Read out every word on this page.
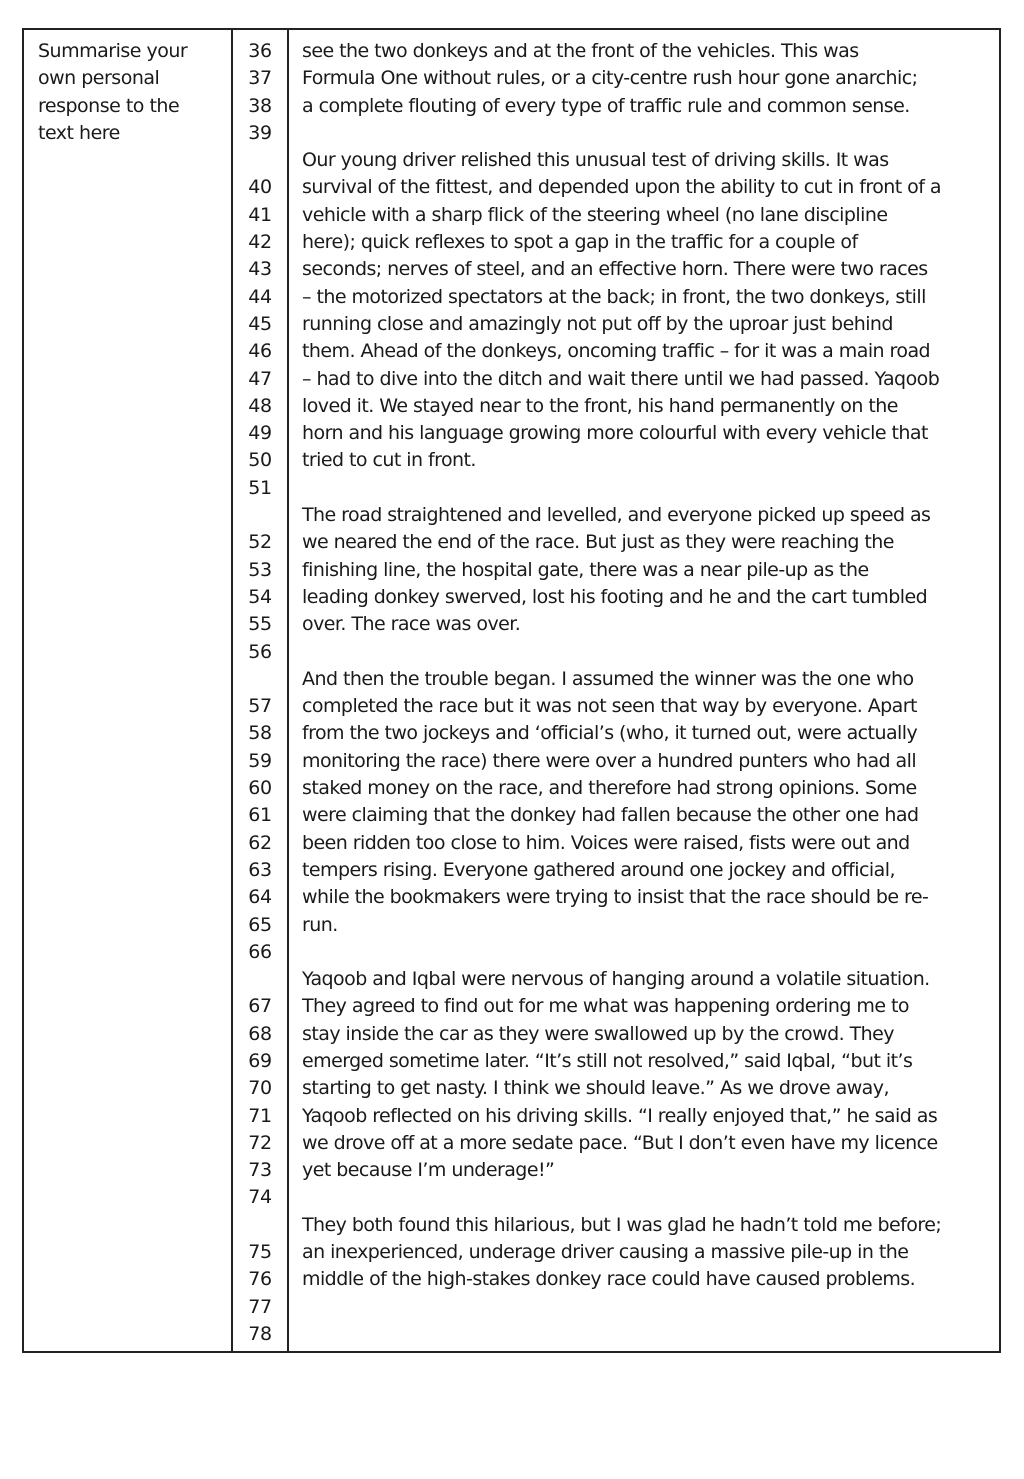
Summarise your
own personal
response to the
text here
36
37
38
39
40
41
42
43
44
45
46
47
48
49
50
51
52
53
54
55
56
57
58
59
60
61
62
63
64
65
66
67
68
69
70
71
72
73
74
75
76
77
78
see the two donkeys and at the front of the vehicles. This was
Formula One without rules, or a city-centre rush hour gone anarchic;
a complete flouting of every type of traffic rule and common sense.
Our young driver relished this unusual test of driving skills. It was
survival of the fittest, and depended upon the ability to cut in front of a
vehicle with a sharp flick of the steering wheel (no lane discipline
here); quick reflexes to spot a gap in the traffic for a couple of
seconds; nerves of steel, and an effective horn. There were two races
– the motorized spectators at the back; in front, the two donkeys, still
running close and amazingly not put off by the uproar just behind
them. Ahead of the donkeys, oncoming traffic – for it was a main road
– had to dive into the ditch and wait there until we had passed. Yaqoob
loved it. We stayed near to the front, his hand permanently on the
horn and his language growing more colourful with every vehicle that
tried to cut in front.
The road straightened and levelled, and everyone picked up speed as
we neared the end of the race. But just as they were reaching the
finishing line, the hospital gate, there was a near pile-up as the
leading donkey swerved, lost his footing and he and the cart tumbled
over. The race was over.
And then the trouble began. I assumed the winner was the one who
completed the race but it was not seen that way by everyone. Apart
from the two jockeys and ‘official’s (who, it turned out, were actually
monitoring the race) there were over a hundred punters who had all
staked money on the race, and therefore had strong opinions. Some
were claiming that the donkey had fallen because the other one had
been ridden too close to him. Voices were raised, fists were out and
tempers rising. Everyone gathered around one jockey and official,
while the bookmakers were trying to insist that the race should be re-
run.
Yaqoob and Iqbal were nervous of hanging around a volatile situation.
They agreed to find out for me what was happening ordering me to
stay inside the car as they were swallowed up by the crowd. They
emerged sometime later. “It’s still not resolved,” said Iqbal, “but it’s
starting to get nasty. I think we should leave.” As we drove away,
Yaqoob reflected on his driving skills. “I really enjoyed that,” he said as
we drove off at a more sedate pace. “But I don’t even have my licence
yet because I’m underage!”
They both found this hilarious, but I was glad he hadn’t told me before;
an inexperienced, underage driver causing a massive pile-up in the
middle of the high-stakes donkey race could have caused problems.
